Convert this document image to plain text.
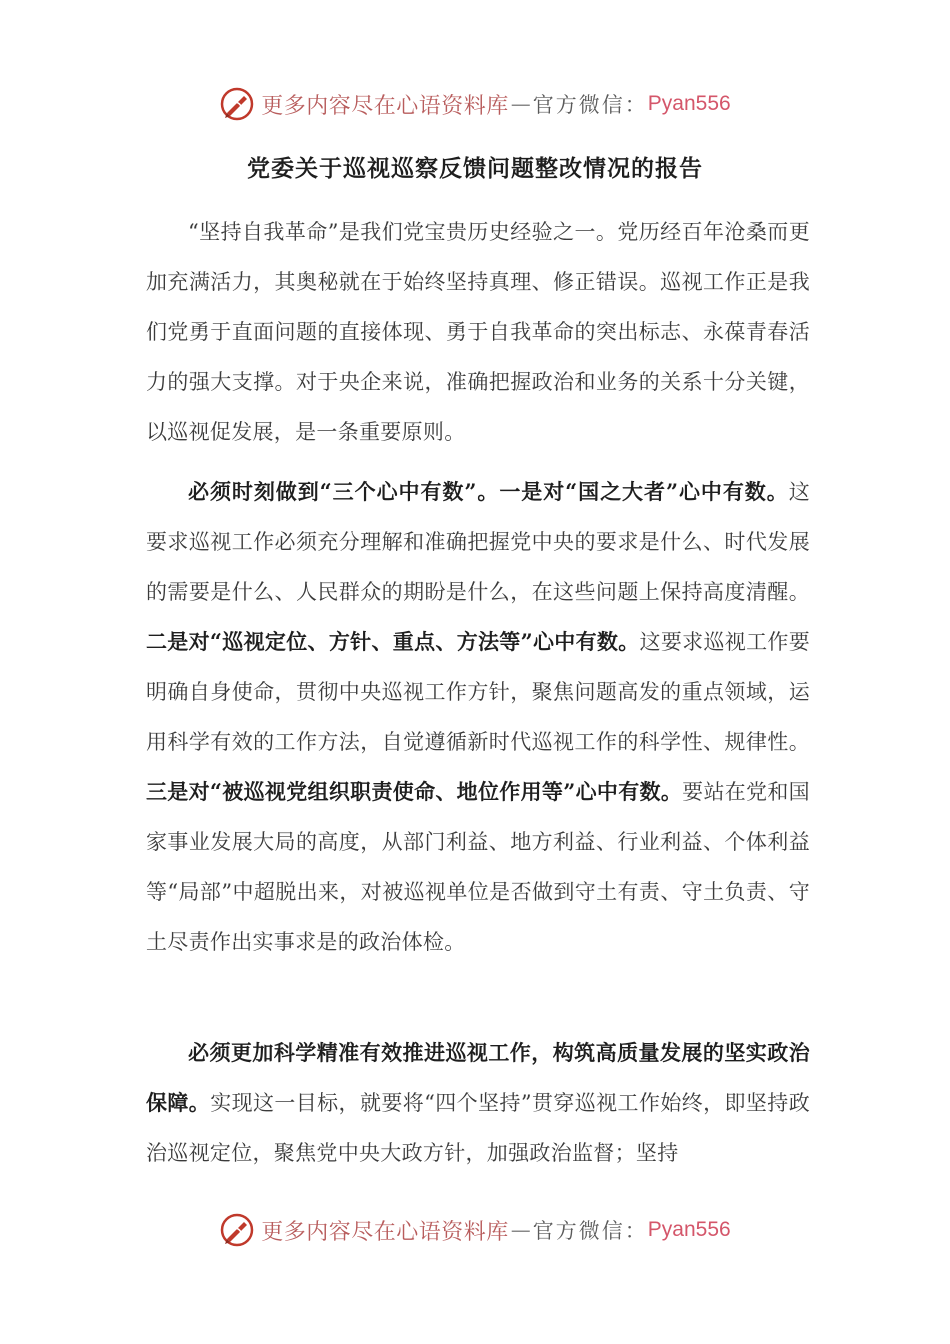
更多内容尽在心语资料库 — 官方微信： Pyan556
党委关于巡视巡察反馈问题整改情况的报告

“坚持自我革命”是我们党宝贵历史经验之一。党历经百年沧桑而更加充满活力，其奥秘就在于始终坚持真理、修正错误。巡视工作正是我们党勇于直面问题的直接体现、勇于自我革命的突出标志、永葆青春活力的强大支撑。对于央企来说，准确把握政治和业务的关系十分关键，以巡视促发展，是一条重要原则。

必须时刻做到“三个心中有数”。一是对“国之大者”心中有数。这要求巡视工作必须充分理解和准确把握党中央的要求是什么、时代发展的需要是什么、人民群众的期盼是什么，在这些问题上保持高度清醒。二是对“巡视定位、方针、重点、方法等”心中有数。这要求巡视工作要明确自身使命，贯彻中央巡视工作方针，聚焦问题高发的重点领域，运用科学有效的工作方法，自觉遵循新时代巡视工作的科学性、规律性。三是对“被巡视党组织职责使命、地位作用等”心中有数。要站在党和国家事业发展大局的高度，从部门利益、地方利益、行业利益、个体利益等“局部”中超脱出来，对被巡视单位是否做到守土有责、守土负责、守土尽责作出实事求是的政治体检。

必须更加科学精准有效推进巡视工作，构筑高质量发展的坚实政治保障。实现这一目标，就要将“四个坚持”贯穿巡视工作始终，即坚持政治巡视定位，聚焦党中央大政方针，加强政治监督；坚持

更多内容尽在心语资料库 — 官方微信： Pyan556
